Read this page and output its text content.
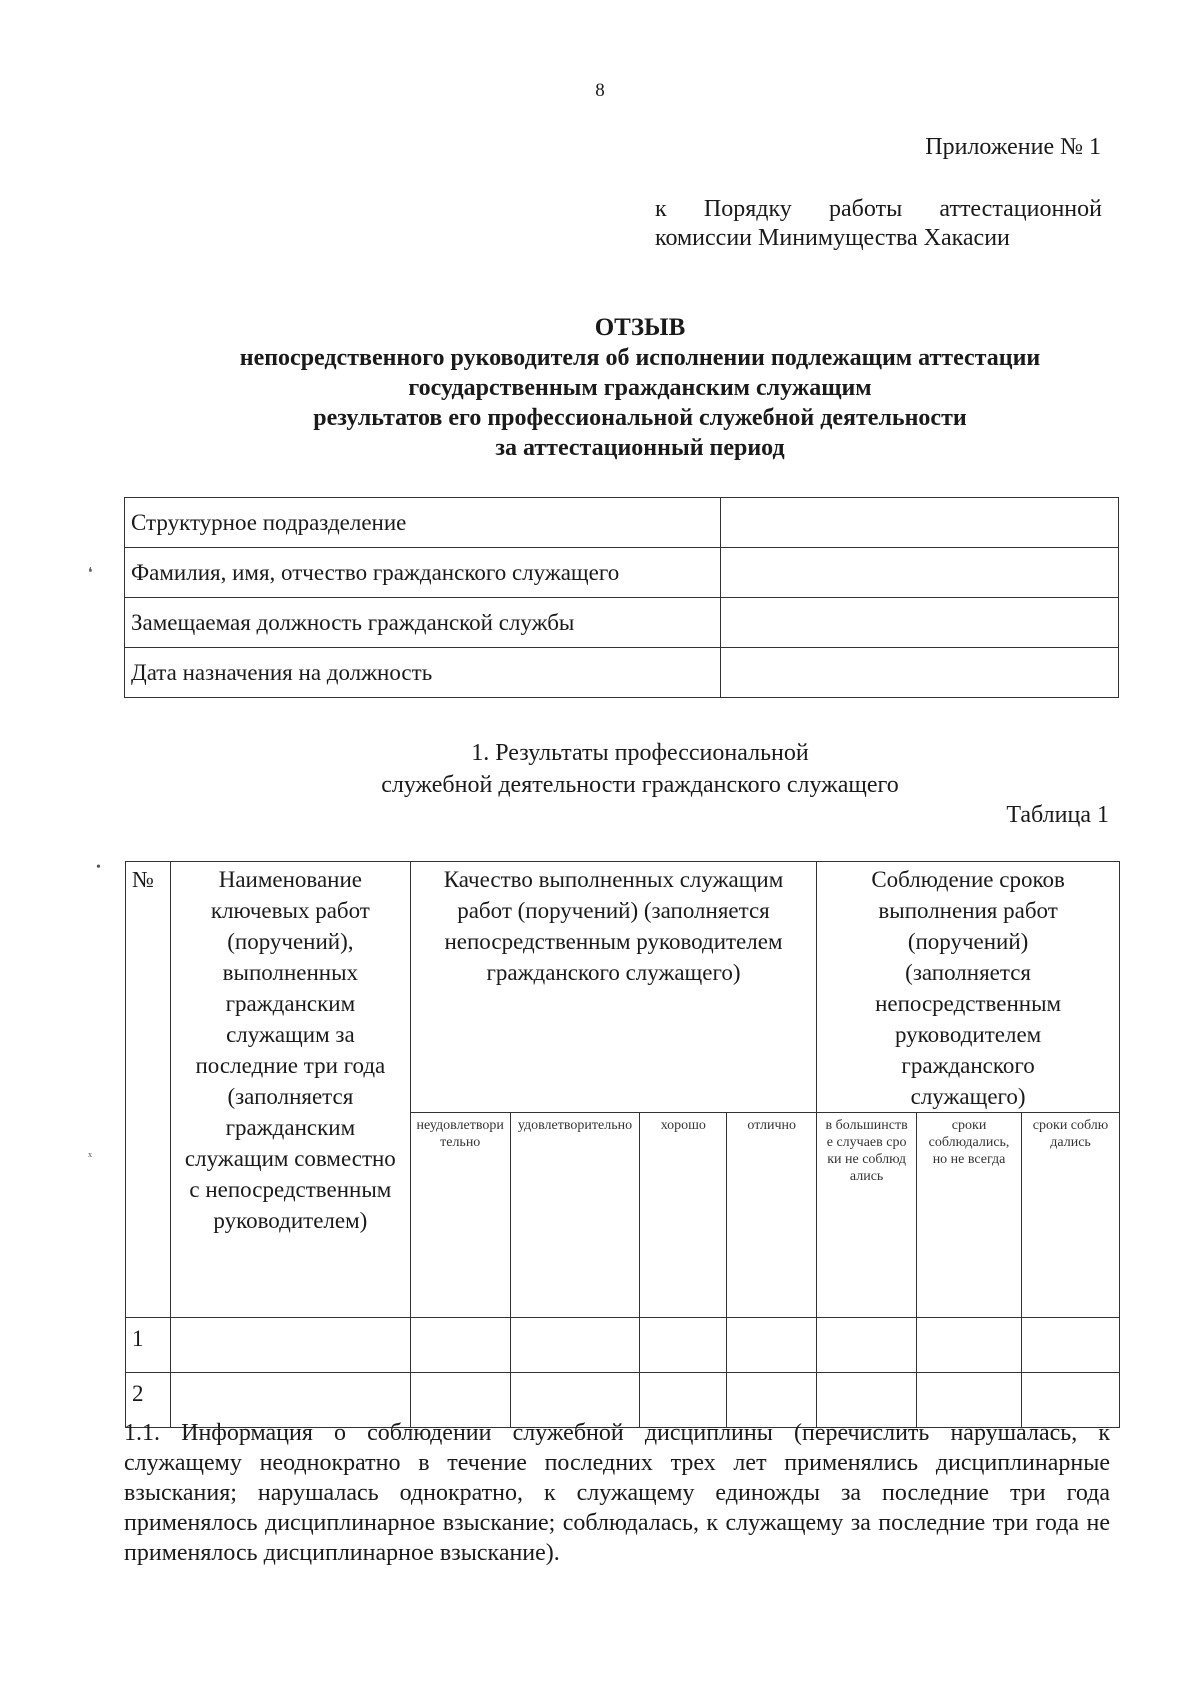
8
Приложение № 1
к Порядку работы аттестационной
комиссии Минимущества Хакасии
ОТЗЫВ
непосредственного руководителя об исполнении подлежащим аттестации
государственным гражданским служащим
результатов его профессиональной служебной деятельности
за аттестационный период
Структурное подразделение	
Фамилия, имя, отчество гражданского служащего	
Замещаемая должность гражданской службы	
Дата назначения на должность	
1. Результаты профессиональной
служебной деятельности гражданского служащего
Таблица 1
№	Наименование ключевых работ (поручений), выполненных гражданским служащим за последние три года (заполняется гражданским служащим совместно с непосредственным руководителем)	Качество выполненных служащим работ (поручений) (заполняется непосредственным руководителем гражданского служащего)				Соблюдение сроков выполнения работ (поручений) (заполняется непосредственным руководителем гражданского служащего)		
		неудовлетворительно	удовлетворительно	хорошо	отлично	в большинстве случаев сроки не соблюдались	сроки соблюдались, но не всегда	сроки соблюдались
1								
2								
1.1. Информация о соблюдении служебной дисциплины (перечислить нарушалась, к служащему неоднократно в течение последних трех лет применялись дисциплинарные взыскания; нарушалась однократно, к служащему единожды за последние три года применялось дисциплинарное взыскание; соблюдалась, к служащему за последние три года не применялось дисциплинарное взыскание).
❛
•
ˣ
